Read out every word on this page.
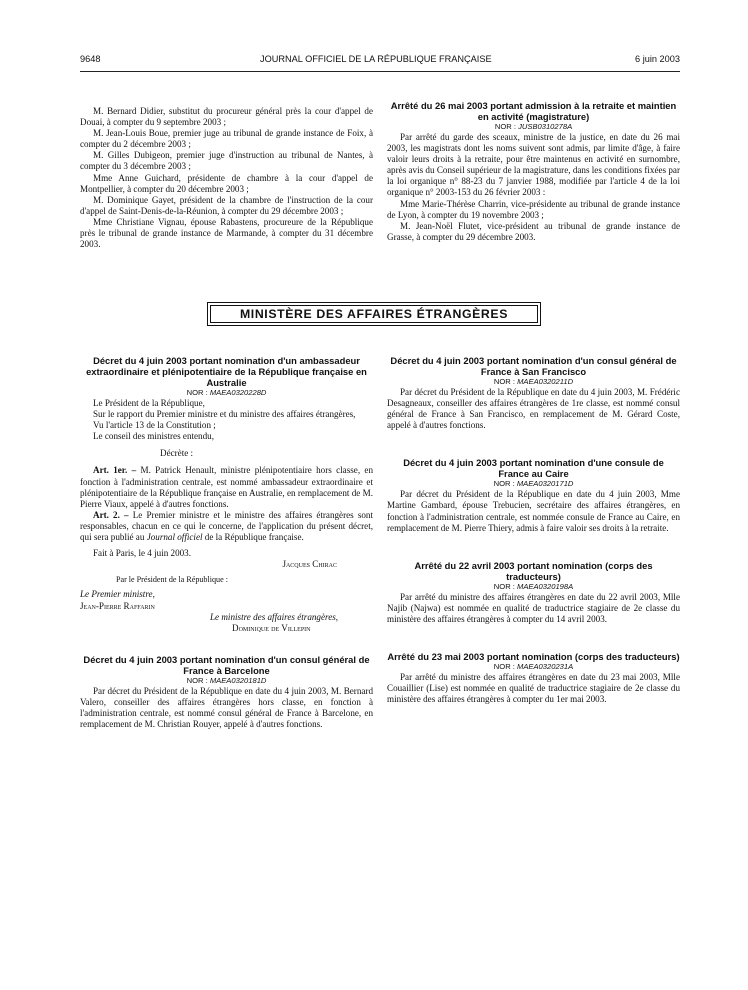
9648	JOURNAL OFFICIEL DE LA RÉPUBLIQUE FRANÇAISE	6 juin 2003

M. Bernard Didier, substitut du procureur général près la cour d'appel de Douai, à compter du 9 septembre 2003 ;

M. Jean-Louis Boue, premier juge au tribunal de grande instance de Foix, à compter du 2 décembre 2003 ;

M. Gilles Dubigeon, premier juge d'instruction au tribunal de Nantes, à compter du 3 décembre 2003 ;

Mme Anne Guichard, présidente de chambre à la cour d'appel de Montpellier, à compter du 20 décembre 2003 ;

M. Dominique Gayet, président de la chambre de l'instruction de la cour d'appel de Saint-Denis-de-la-Réunion, à compter du 29 décembre 2003 ;

Mme Christiane Vignau, épouse Rabastens, procureure de la République près le tribunal de grande instance de Marmande, à compter du 31 décembre 2003.

Arrêté du 26 mai 2003 portant admission à la retraite et maintien en activité (magistrature)

NOR : JUSB0310278A

Par arrêté du garde des sceaux, ministre de la justice, en date du 26 mai 2003, les magistrats dont les noms suivent sont admis, par limite d'âge, à faire valoir leurs droits à la retraite, pour être maintenus en activité en surnombre, après avis du Conseil supérieur de la magistrature, dans les conditions fixées par la loi organique n° 88-23 du 7 janvier 1988, modifiée par l'article 4 de la loi organique n° 2003-153 du 26 février 2003 :

Mme Marie-Thérèse Charrin, vice-présidente au tribunal de grande instance de Lyon, à compter du 19 novembre 2003 ;

M. Jean-Noël Flutet, vice-président au tribunal de grande instance de Grasse, à compter du 29 décembre 2003.

MINISTÈRE DES AFFAIRES ÉTRANGÈRES

Décret du 4 juin 2003 portant nomination d'un ambassadeur extraordinaire et plénipotentiaire de la République française en Australie

NOR : MAEA0320228D

Le Président de la République,

Sur le rapport du Premier ministre et du ministre des affaires étrangères,

Vu l'article 13 de la Constitution ;

Le conseil des ministres entendu,

Décrète :

Art. 1er. – M. Patrick Henault, ministre plénipotentiaire hors classe, en fonction à l'administration centrale, est nommé ambassadeur extraordinaire et plénipotentiaire de la République française en Australie, en remplacement de M. Pierre Viaux, appelé à d'autres fonctions.

Art. 2. – Le Premier ministre et le ministre des affaires étrangères sont responsables, chacun en ce qui le concerne, de l'application du présent décret, qui sera publié au Journal officiel de la République française.

Fait à Paris, le 4 juin 2003.

Jacques Chirac

Par le Président de la République :

Le Premier ministre,

Jean-Pierre Raffarin

Le ministre des affaires étrangères,

Dominique de Villepin

Décret du 4 juin 2003 portant nomination d'un consul général de France à Barcelone

NOR : MAEA0320181D

Par décret du Président de la République en date du 4 juin 2003, M. Bernard Valero, conseiller des affaires étrangères hors classe, en fonction à l'administration centrale, est nommé consul général de France à Barcelone, en remplacement de M. Christian Rouyer, appelé à d'autres fonctions.

Décret du 4 juin 2003 portant nomination d'un consul général de France à San Francisco

NOR : MAEA0320211D

Par décret du Président de la République en date du 4 juin 2003, M. Frédéric Desagneaux, conseiller des affaires étrangères de 1re classe, est nommé consul général de France à San Francisco, en remplacement de M. Gérard Coste, appelé à d'autres fonctions.

Décret du 4 juin 2003 portant nomination d'une consule de France au Caire

NOR : MAEA0320171D

Par décret du Président de la République en date du 4 juin 2003, Mme Martine Gambard, épouse Trebucien, secrétaire des affaires étrangères, en fonction à l'administration centrale, est nommée consule de France au Caire, en remplacement de M. Pierre Thiery, admis à faire valoir ses droits à la retraite.

Arrêté du 22 avril 2003 portant nomination (corps des traducteurs)

NOR : MAEA0320198A

Par arrêté du ministre des affaires étrangères en date du 22 avril 2003, Mlle Najib (Najwa) est nommée en qualité de traductrice stagiaire de 2e classe du ministère des affaires étrangères à compter du 14 avril 2003.

Arrêté du 23 mai 2003 portant nomination (corps des traducteurs)

NOR : MAEA0320231A

Par arrêté du ministre des affaires étrangères en date du 23 mai 2003, Mlle Couaillier (Lise) est nommée en qualité de traductrice stagiaire de 2e classe du ministère des affaires étrangères à compter du 1er mai 2003.
